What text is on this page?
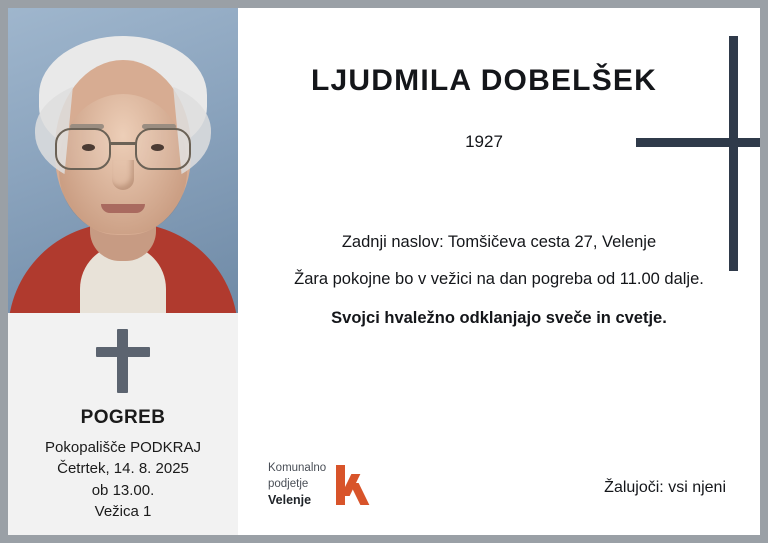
POGREB
Pokopališče PODKRAJ
Četrtek, 14. 8. 2025
ob 13.00.
Vežica 1
LJUDMILA DOBELŠEK
1927
Zadnji naslov: Tomšičeva cesta 27, Velenje
Žara pokojne bo v vežici na dan pogreba od 11.00 dalje.
Svojci hvaležno odklanjajo sveče in cvetje.
Žalujoči: vsi njeni
Komunalno
podjetje
Velenje
